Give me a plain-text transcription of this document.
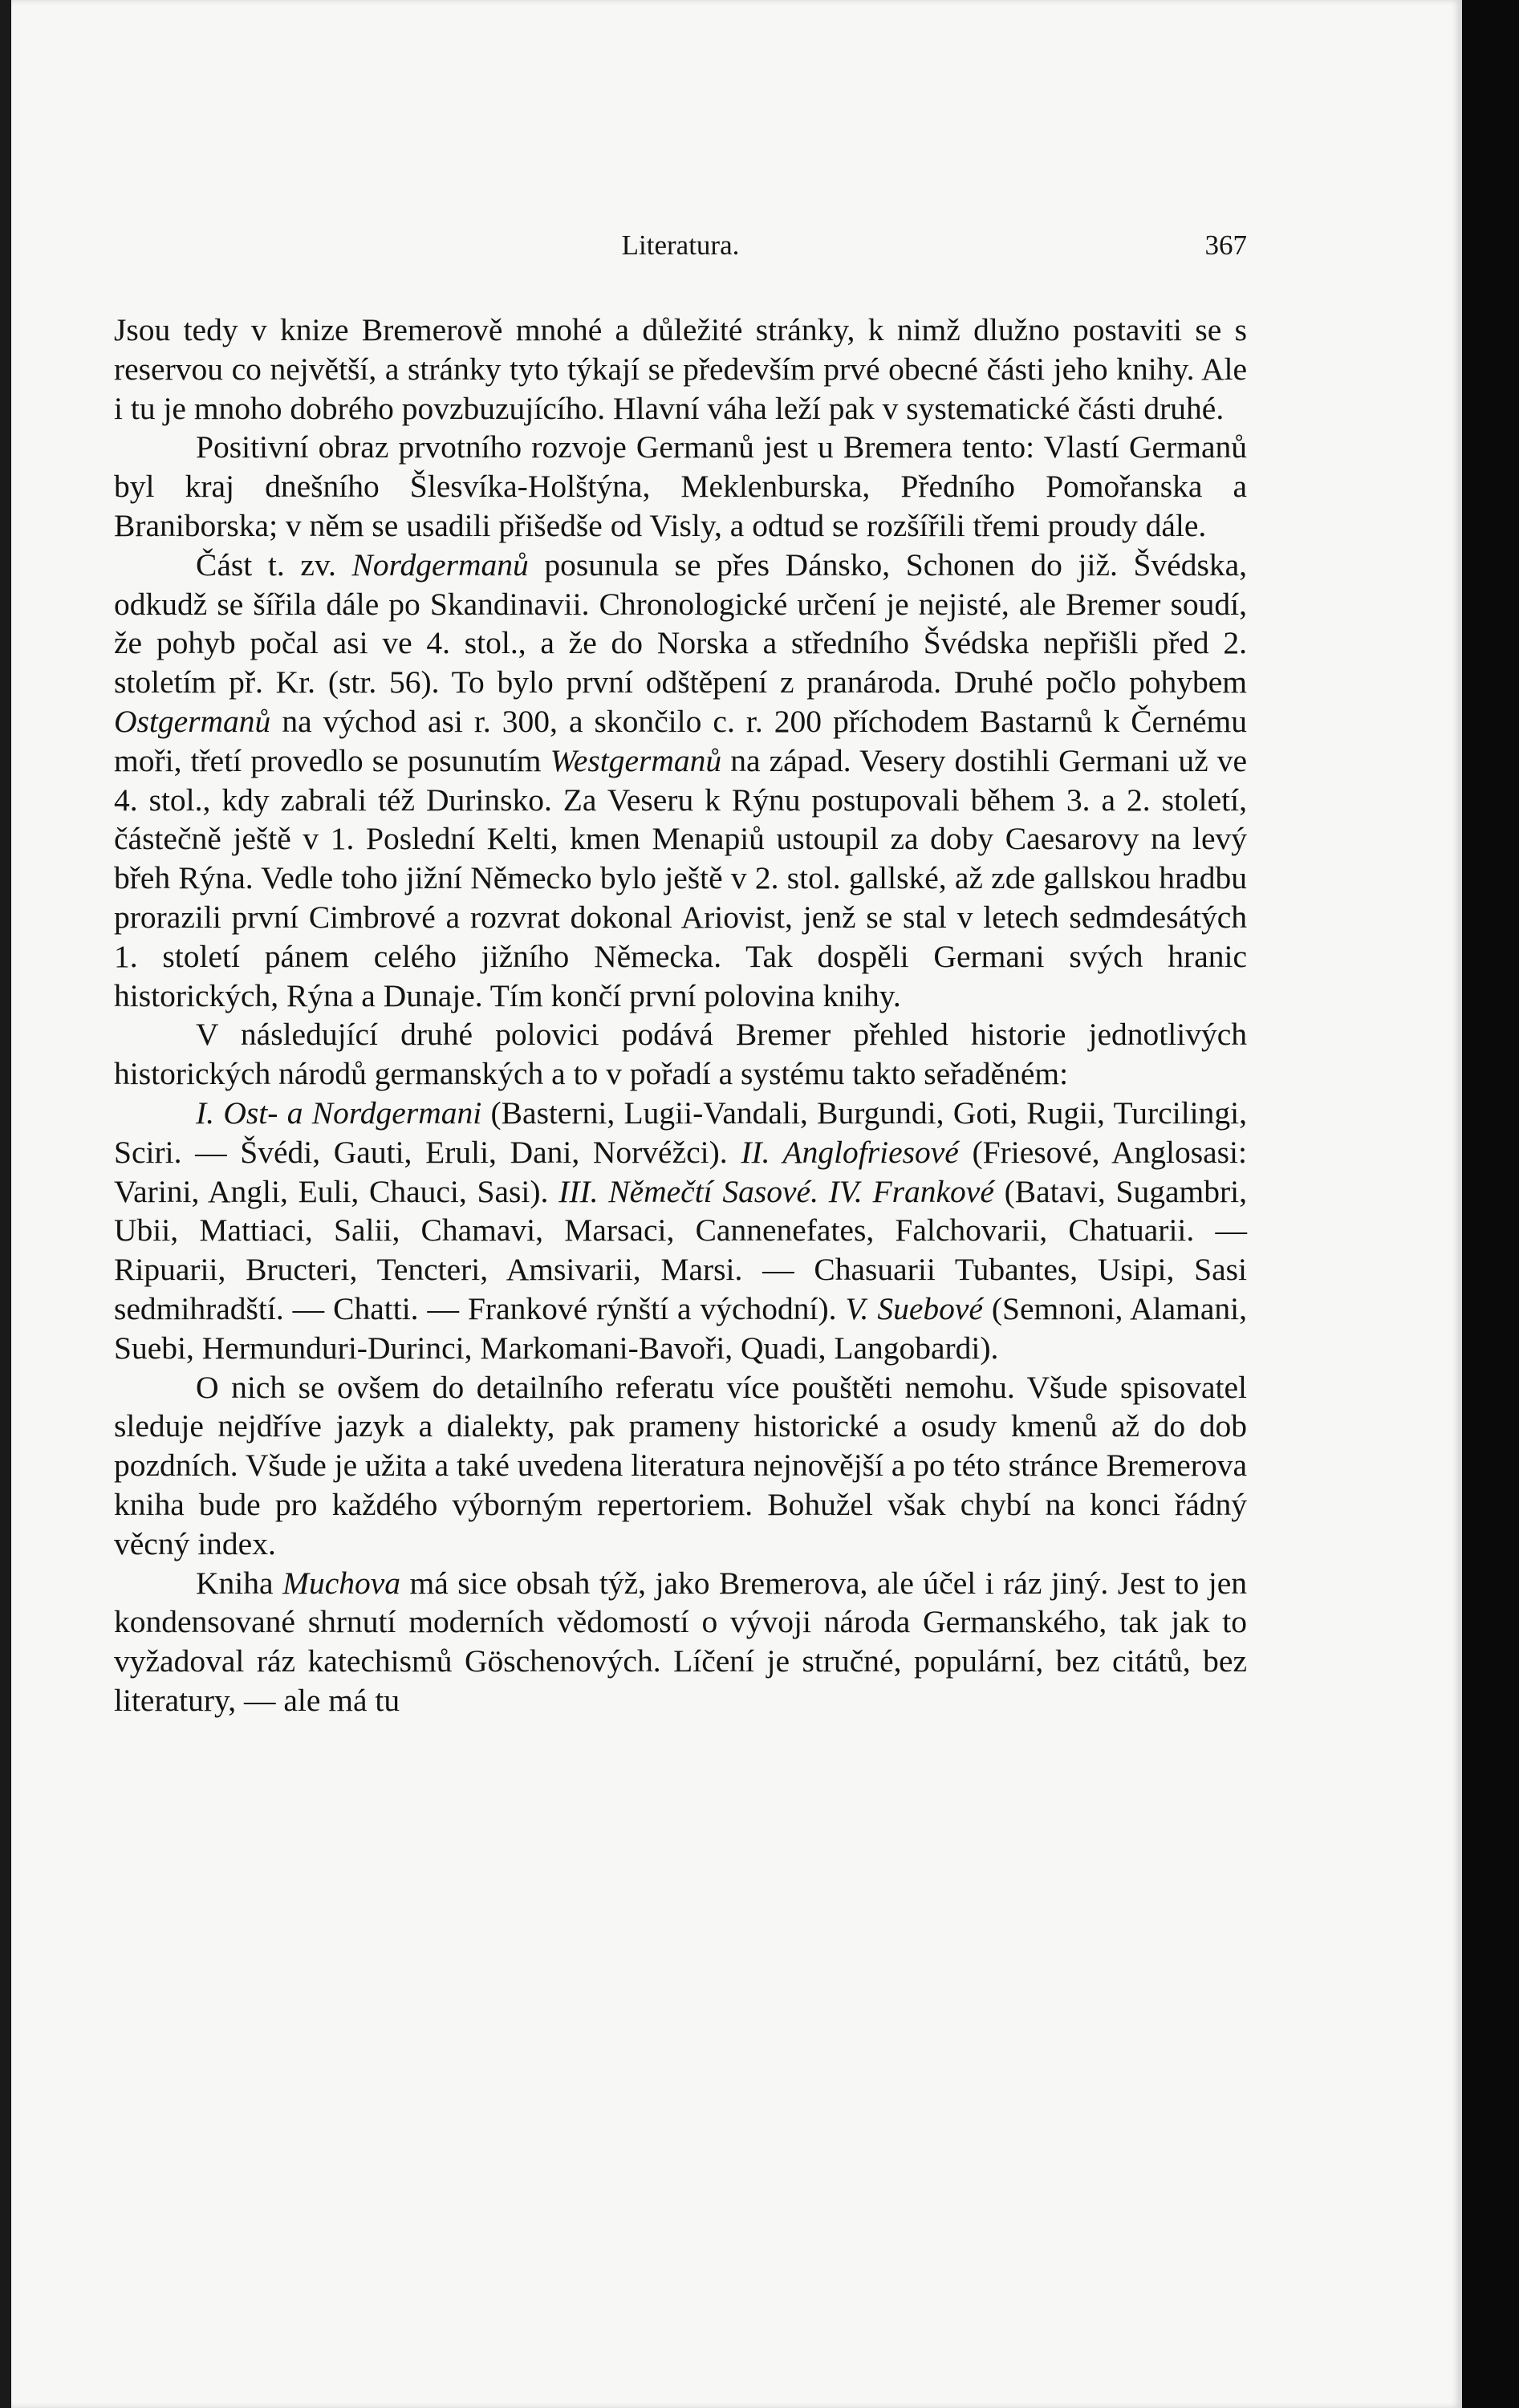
Literatura.	367

Jsou tedy v knize Bremerově mnohé a důležité stránky, k nimž dlužno postaviti se s reservou co největší, a stránky tyto týkají se především prvé obecné části jeho knihy. Ale i tu je mnoho dobrého povzbuzujícího. Hlavní váha leží pak v systematické části druhé.

Positivní obraz prvotního rozvoje Germanů jest u Bremera tento: Vlastí Germanů byl kraj dnešního Šlesvíka-Holštýna, Meklenburska, Předního Pomořanska a Braniborska; v něm se usadili přišedše od Visly, a odtud se rozšířili třemi proudy dále.

Část t. zv. Nordgermanů posunula se přes Dánsko, Schonen do již. Švédska, odkudž se šířila dále po Skandinavii. Chronologické určení je nejisté, ale Bremer soudí, že pohyb počal asi ve 4. stol., a že do Norska a středního Švédska nepřišli před 2. stoletím př. Kr. (str. 56). To bylo první odštěpení z pranároda. Druhé počlo pohybem Ostgermanů na východ asi r. 300, a skončilo c. r. 200 příchodem Bastarnů k Černému moři, třetí provedlo se posunutím Westgermanů na západ. Vesery dostihli Germani už ve 4. stol., kdy zabrali též Durinsko. Za Veseru k Rýnu postupovali během 3. a 2. století, částečně ještě v 1. Poslední Kelti, kmen Menapiů ustoupil za doby Caesarovy na levý břeh Rýna. Vedle toho jižní Německo bylo ještě v 2. stol. gallské, až zde gallskou hradbu prorazili první Cimbrové a rozvrat dokonal Ariovist, jenž se stal v letech sedmdesátých 1. století pánem celého jižního Německa. Tak dospěli Germani svých hranic historických, Rýna a Dunaje. Tím končí první polovina knihy.

V následující druhé polovici podává Bremer přehled historie jednotlivých historických národů germanských a to v pořadí a systému takto seřaděném:

I. Ost- a Nordgermani (Basterni, Lugii-Vandali, Burgundi, Goti, Rugii, Turcilingi, Sciri. — Švédi, Gauti, Eruli, Dani, Norvéžci). II. Anglofriesové (Friesové, Anglosasi: Varini, Angli, Euli, Chauci, Sasi). III. Němečtí Sasové. IV. Frankové (Batavi, Sugambri, Ubii, Mattiaci, Salii, Chamavi, Marsaci, Cannenefates, Falchovarii, Chatuarii. — Ripuarii, Bructeri, Tencteri, Amsivarii, Marsi. — Chasuarii Tubantes, Usipi, Sasi sedmihradští. — Chatti. — Frankové rýnští a východní). V. Suebové (Semnoni, Alamani, Suebi, Hermunduri-Durinci, Markomani-Bavoři, Quadi, Langobardi).

O nich se ovšem do detailního referatu více pouštěti nemohu. Všude spisovatel sleduje nejdříve jazyk a dialekty, pak prameny historické a osudy kmenů až do dob pozdních. Všude je užita a také uvedena literatura nejnovější a po této stránce Bremerova kniha bude pro každého výborným repertoriem. Bohužel však chybí na konci řádný věcný index.

Kniha Muchova má sice obsah týž, jako Bremerova, ale účel i ráz jiný. Jest to jen kondensované shrnutí moderních vědomostí o vývoji národa Germanského, tak jak to vyžadoval ráz katechismů Göschenových. Líčení je stručné, populární, bez citátů, bez literatury, — ale má tu
